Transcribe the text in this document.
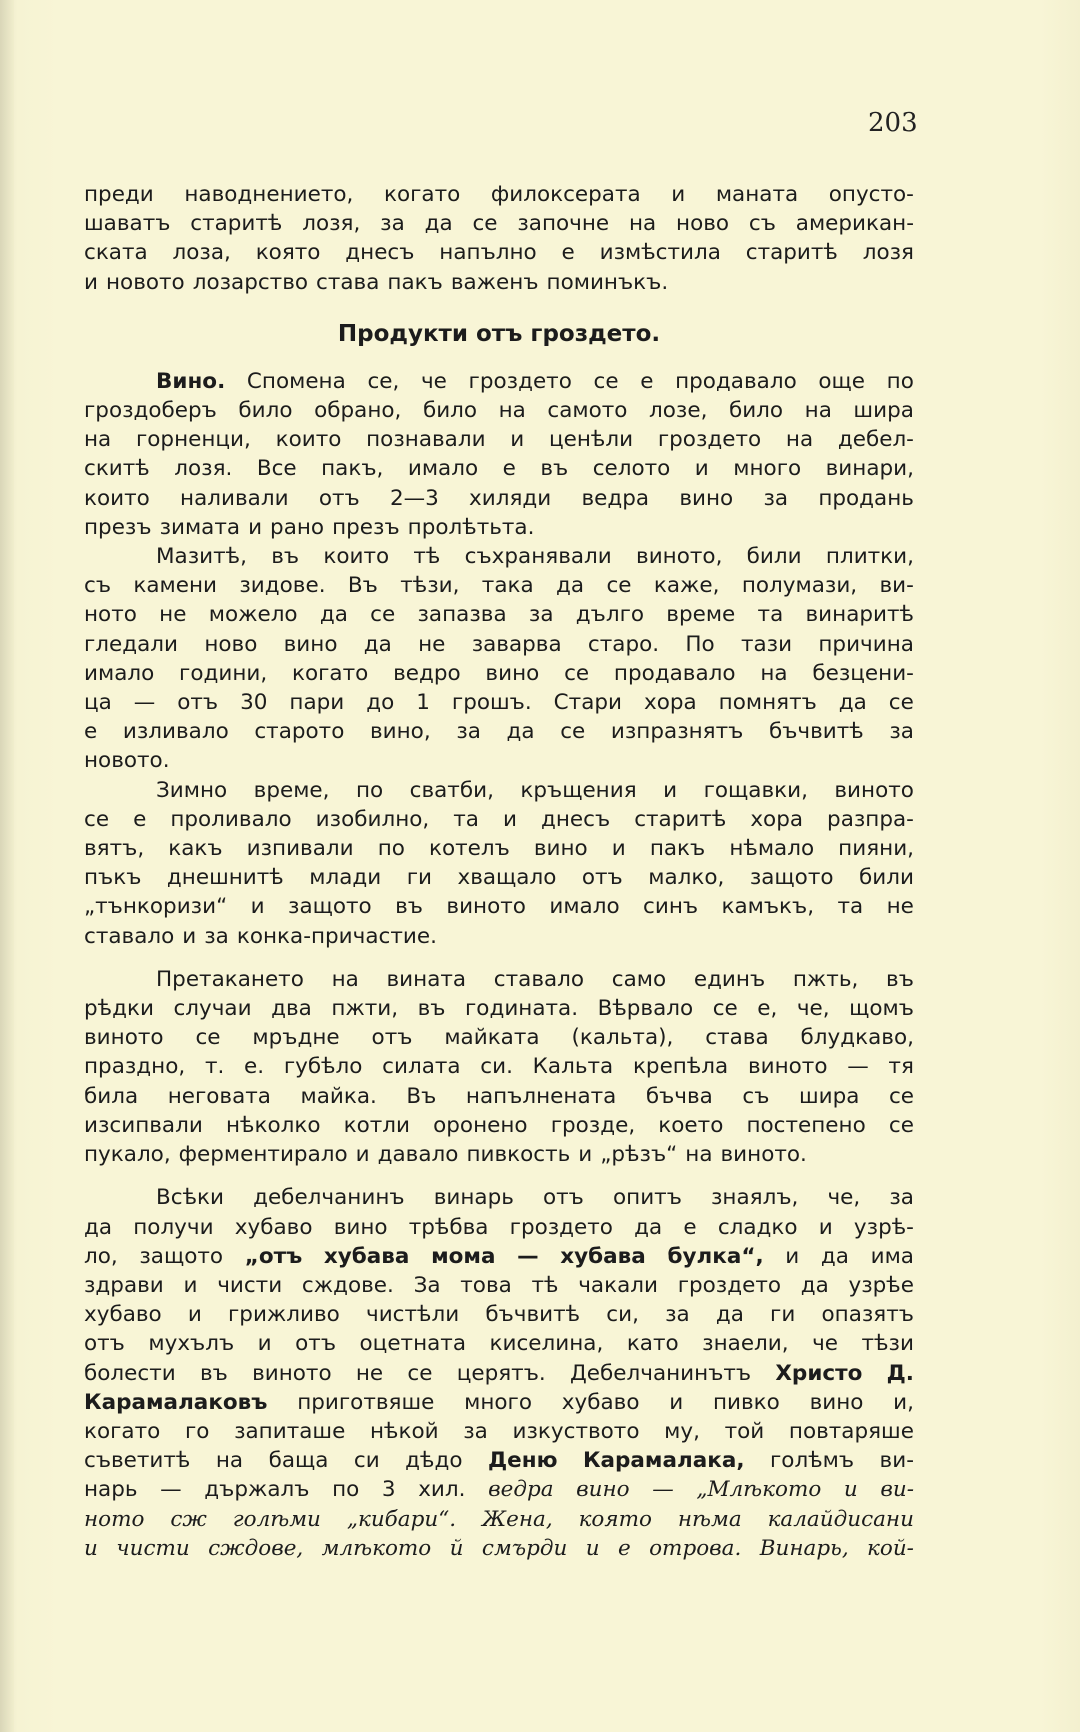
203
преди наводнението, когато филоксерата и маната опусто-
шаватъ старитѣ лозя, за да се започне на ново съ американ-
ската лоза, която днесъ напълно е измѣстила старитѣ лозя
и новото лозарство става пакъ важенъ поминъкъ.
Продукти отъ гроздето.
Вино. Спомена се, че гроздето се е продавало още по
гроздоберъ било обрано, било на самото лозе, било на шира
на горненци, които познавали и ценѣли гроздето на дебел-
скитѣ лозя. Все пакъ, имало е въ селото и много винари,
които наливали отъ 2—3 хиляди ведра вино за продань
презъ зимата и рано презъ пролѣтьта.
Мазитѣ, въ които тѣ съхранявали виното, били плитки,
съ камени зидове. Въ тѣзи, така да се каже, полумази, ви-
ното не можело да се запазва за дълго време та винаритѣ
гледали ново вино да не заварва старо. По тази причина
имало години, когато ведро вино се продавало на безцени-
ца — отъ 30 пари до 1 грошъ. Стари хора помнятъ да се
е изливало старото вино, за да се изпразнятъ бъчвитѣ за
новото.
Зимно време, по сватби, кръщения и гощавки, виното
се е проливало изобилно, та и днесъ старитѣ хора разпра-
вятъ, какъ изпивали по котелъ вино и пакъ нѣмало пияни,
пъкъ днешнитѣ млади ги хващало отъ малко, защото били
„тънкоризи“ и защото въ виното имало синъ камъкъ, та не
ставало и за конка-причастие.
Претакането на вината ставало само единъ пжть, въ
рѣдки случаи два пжти, въ годината. Вѣрвало се е, че, щомъ
виното се мръдне отъ майката (кальта), става блудкаво,
праздно, т. е. губѣло силата си. Кальта крепѣла виното — тя
била неговата майка. Въ напълнената бъчва съ шира се
изсипвали нѣколко котли оронено грозде, което постепено се
пукало, ферментирало и давало пивкость и „рѣзъ“ на виното.
Всѣки дебелчанинъ винарь отъ опитъ знаялъ, че, за
да получи хубаво вино трѣбва гроздето да е сладко и узрѣ-
ло, защото „отъ хубава мома — хубава булка“, и да има
здрави и чисти сждове. За това тѣ чакали гроздето да узрѣе
хубаво и грижливо чистѣли бъчвитѣ си, за да ги опазятъ
отъ мухълъ и отъ оцетната киселина, като знаели, че тѣзи
болести въ виното не се церятъ. Дебелчанинътъ Христо Д.
Карамалаковъ приготвяше много хубаво и пивко вино и,
когато го запиташе нѣкой за изкуството му, той повтаряше
съветитѣ на баща си дѣдо Деню Карамалака, голѣмъ ви-
нарь — държалъ по 3 хил. ведра вино — „Млѣкото и ви-
ното сж голѣми „кибари“. Жена, която нѣма калайдисани
и чисти сждове, млѣкото й смърди и е отрова. Винарь, кой-
